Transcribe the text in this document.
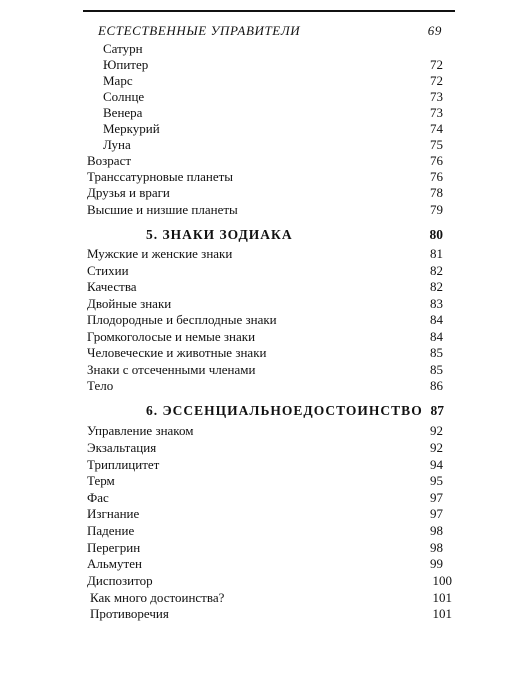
ЕСТЕСТВЕННЫЕ УПРАВИТЕЛИ	69
Сатурн
Юпитер	72
Марс	72
Солнце	73
Венера	73
Меркурий	74
Луна	75
Возраст	76
Транссатурновые планеты	76
Друзья и враги	78
Высшие и низшие планеты	79
5. ЗНАКИ ЗОДИАКА	80
Мужские и женские знаки	81
Стихии	82
Качества	82
Двойные знаки	83
Плодородные и бесплодные знаки	84
Громкоголосые и немые знаки	84
Человеческие и животные знаки	85
Знаки с отсеченными членами	85
Тело	86
6. ЭССЕНЦИАЛЬНОЕДОСТОИНСТВО 87
Управление знаком	92
Экзальтация	92
Триплицитет	94
Терм	95
Фас	97
Изгнание	97
Падение	98
Перегрин	98
Альмутен	99
Диспозитор	100
Как много достоинства?	101
Противоречия	101
